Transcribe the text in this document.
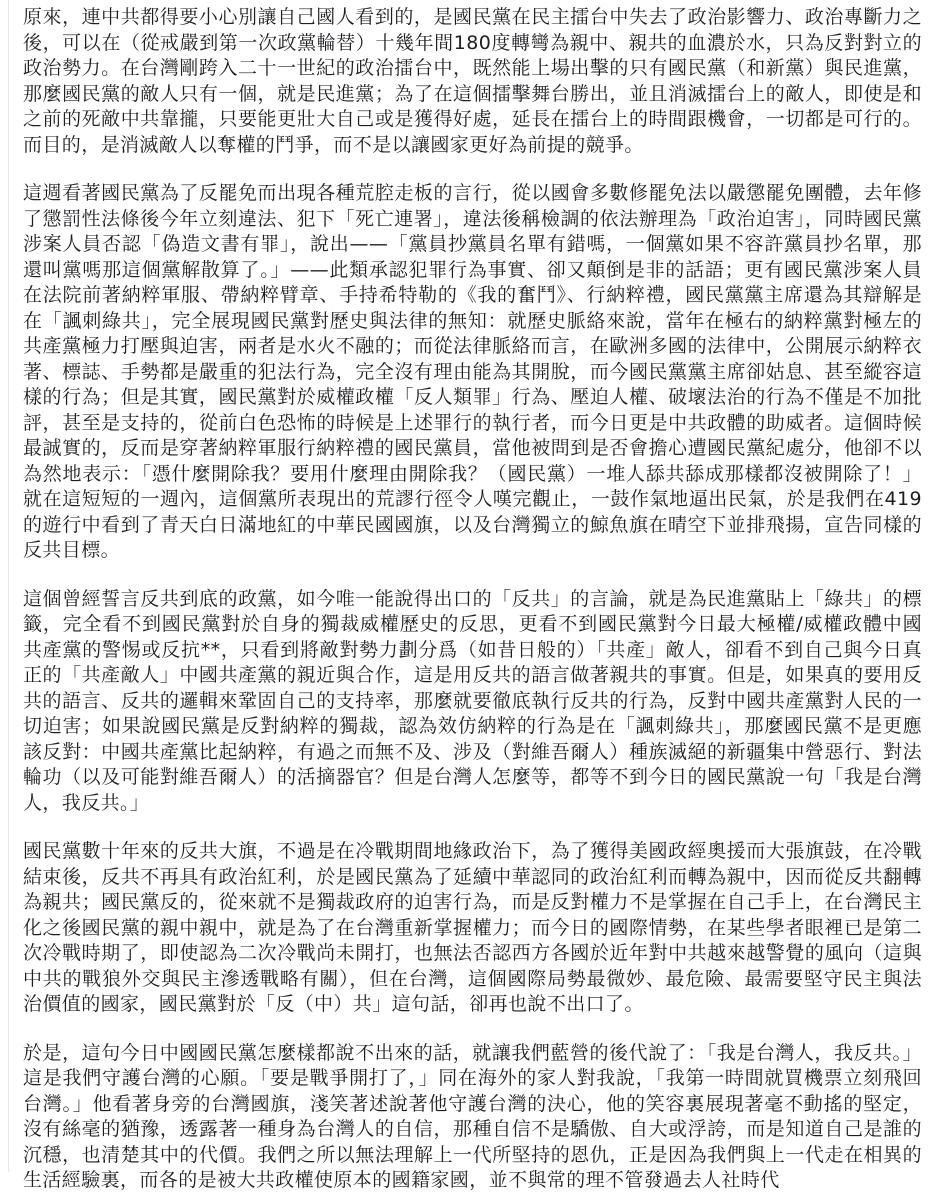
原來，連中共都得要小心別讓自己國人看到的，是國民黨在民主擂台中失去了政治影響力、政治專斷力之後，可以在（從戒嚴到第一次政黨輪替）十幾年間180度轉彎為親中、親共的血濃於水，只為反對對立的政治勢力。在台灣剛跨入二十一世紀的政治擂台中，既然能上場出擊的只有國民黨（和新黨）與民進黨，那麼國民黨的敵人只有一個，就是民進黨；為了在這個擂擊舞台勝出，並且消滅擂台上的敵人，即使是和之前的死敵中共靠攏，只要能更壯大自己或是獲得好處，延長在擂台上的時間跟機會，一切都是可行的。而目的，是消滅敵人以奪權的鬥爭，而不是以讓國家更好為前提的競爭。

這週看著國民黨為了反罷免而出現各種荒腔走板的言行，從以國會多數修罷免法以嚴懲罷免團體，去年修了懲罰性法條後今年立刻違法、犯下「死亡連署」，違法後稱檢調的依法辦理為「政治迫害」，同時國民黨涉案人員否認「偽造文書有罪」，說出——「黨員抄黨員名單有錯嗎，一個黨如果不容許黨員抄名單，那還叫黨嗎那這個黨解散算了。」——此類承認犯罪行為事實、卻又顛倒是非的話語；更有國民黨涉案人員在法院前著納粹軍服、帶納粹臂章、手持希特勒的《我的奮鬥》、行納粹禮，國民黨黨主席還為其辯解是在「諷刺綠共」，完全展現國民黨對歷史與法律的無知：就歷史脈絡來說，當年在極右的納粹黨對極左的共產黨極力打壓與迫害，兩者是水火不融的；而從法律脈絡而言，在歐洲多國的法律中，公開展示納粹衣著、標誌、手勢都是嚴重的犯法行為，完全沒有理由能為其開脫，而今國民黨黨主席卻姑息、甚至縱容這樣的行為；但是其實，國民黨對於威權政權「反人類罪」行為、壓迫人權、破壞法治的行為不僅是不加批評，甚至是支持的，從前白色恐怖的時候是上述罪行的執行者，而今日更是中共政體的助威者。這個時候最誠實的，反而是穿著納粹軍服行納粹禮的國民黨員，當他被問到是否會擔心遭國民黨紀處分，他卻不以為然地表示：「憑什麼開除我？要用什麼理由開除我？（國民黨）一堆人舔共舔成那樣都沒被開除了！」就在這短短的一週內，這個黨所表現出的荒謬行徑令人嘆完觀止，一鼓作氣地逼出民氣，於是我們在419的遊行中看到了青天白日滿地紅的中華民國國旗，以及台灣獨立的鯨魚旗在晴空下並排飛揚，宣告同樣的反共目標。

這個曾經誓言反共到底的政黨，如今唯一能說得出口的「反共」的言論，就是為民進黨貼上「綠共」的標籤，完全看不到國民黨對於自身的獨裁威權歷史的反思，更看不到國民黨對今日最大極權/威權政體中國共產黨的警惕或反抗**，只看到將敵對勢力劃分爲（如昔日般的）「共產」敵人，卻看不到自己與今日真正的「共產敵人」中國共產黨的親近與合作，這是用反共的語言做著親共的事實。但是，如果真的要用反共的語言、反共的邏輯來鞏固自己的支持率，那麼就要徹底執行反共的行為，反對中國共產黨對人民的一切迫害；如果說國民黨是反對納粹的獨裁，認為效仿納粹的行為是在「諷刺綠共」，那麼國民黨不是更應該反對：中國共產黨比起納粹，有過之而無不及、涉及（對維吾爾人）種族滅絕的新疆集中營惡行、對法輪功（以及可能對維吾爾人）的活摘器官？但是台灣人怎麼等，都等不到今日的國民黨說一句「我是台灣人，我反共。」

國民黨數十年來的反共大旗，不過是在冷戰期間地緣政治下，為了獲得美國政經奧援而大張旗鼓，在冷戰結束後，反共不再具有政治紅利，於是國民黨為了延續中華認同的政治紅利而轉為親中，因而從反共翻轉為親共；國民黨反的，從來就不是獨裁政府的迫害行為，而是反對權力不是掌握在自己手上，在台灣民主化之後國民黨的親中親中，就是為了在台灣重新掌握權力；而今日的國際情勢，在某些學者眼裡已是第二次冷戰時期了，即使認為二次冷戰尚未開打，也無法否認西方各國於近年對中共越來越警覺的風向（這與中共的戰狼外交與民主滲透戰略有關），但在台灣，這個國際局勢最微妙、最危險、最需要堅守民主與法治價值的國家，國民黨對於「反（中）共」這句話，卻再也說不出口了。

於是，這句今日中國國民黨怎麼樣都說不出來的話，就讓我們藍營的後代說了：「我是台灣人，我反共。」這是我們守護台灣的心願。「要是戰爭開打了，」同在海外的家人對我說，「我第一時間就買機票立刻飛回台灣。」他看著身旁的台灣國旗，淺笑著述說著他守護台灣的決心，他的笑容裏展現著毫不動搖的堅定，沒有絲毫的猶豫，透露著一種身為台灣人的自信，那種自信不是驕傲、自大或浮誇，而是知道自己是誰的沉穩，也清楚其中的代價。我們之所以無法理解上一代所堅持的恩仇，正是因為我們與上一代走在相異的生活經驗裏，而各的是被大共政權使原本的國籍家國，並不與常的理不管發過去人社時代
